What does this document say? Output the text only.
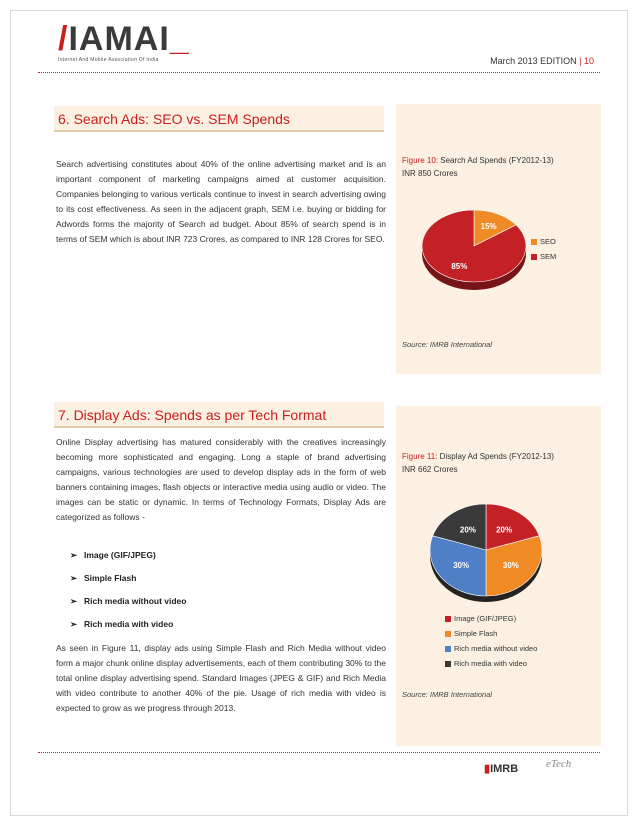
/IAMAI_
Internet And Mobile Association Of India	March 2013 EDITION | 10
6. Search Ads: SEO vs. SEM Spends
Search advertising constitutes about 40% of the online advertising market and is an important component of marketing campaigns aimed at customer acquisition. Companies belonging to various verticals continue to invest in search advertising owing to its cost effectiveness. As seen in the adjacent graph, SEM i.e. buying or bidding for Adwords forms the majority of Search ad budget. About 85% of search spend is in terms of SEM which is about INR 723 Crores, as compared to INR 128 Crores for SEO.
Figure 10: Search Ad Spends (FY2012-13)
INR 850 Crores
15%
85%
SEO
SEM
Source: IMRB International
7. Display Ads: Spends as per Tech Format
Online Display advertising has matured considerably with the creatives increasingly becoming more sophisticated and engaging. Long a staple of brand advertising campaigns, various technologies are used to develop display ads in the form of web banners containing images, flash objects or interactive media using audio or video. The images can be static or dynamic. In terms of Technology Formats, Display Ads are categorized as follows -
➢ Image (GIF/JPEG)
➢ Simple Flash
➢ Rich media without video
➢ Rich media with video
As seen in Figure 11, display ads using Simple Flash and Rich Media without video form a major chunk online display advertisements, each of them contributing 30% to the total online display advertising spend. Standard Images (JPEG & GIF) and Rich Media with video contribute to another 40% of the pie. Usage of rich media with video is expected to grow as we progress through 2013.
Figure 11: Display Ad Spends (FY2012-13)
INR 662 Crores
20%
30%
30%
20%
Image (GIF/JPEG)
Simple Flash
Rich media without video
Rich media with video
Source: IMRB International
▮IMRB	eTech
